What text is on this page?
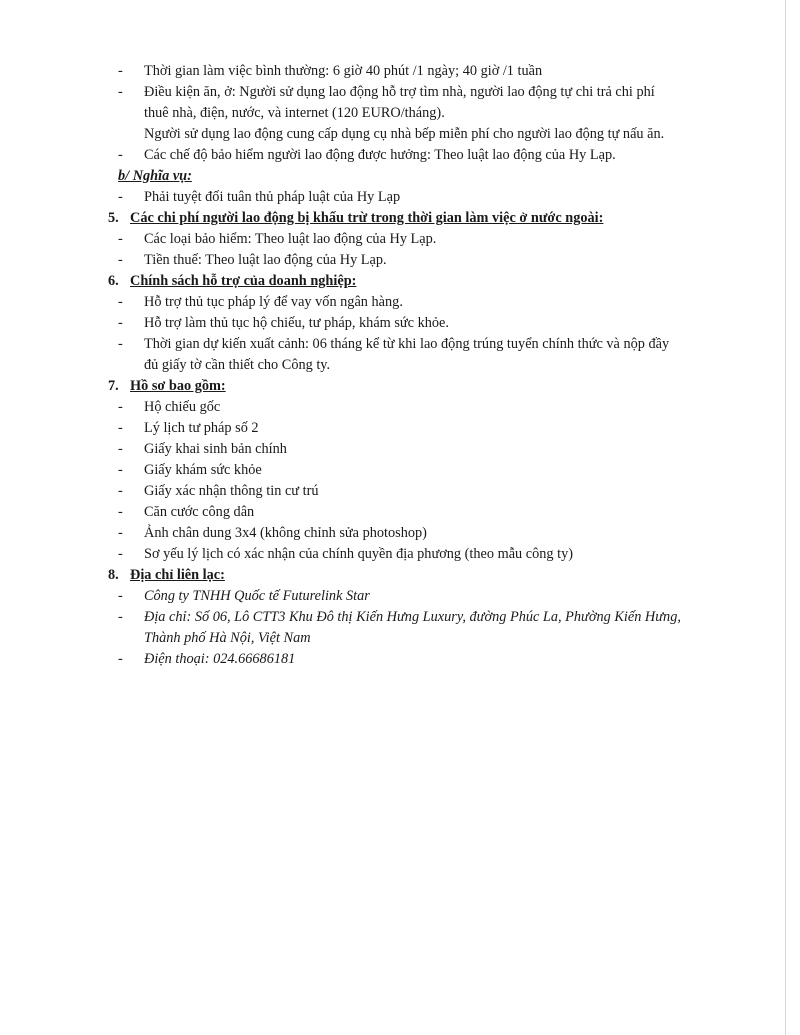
- Thời gian làm việc bình thường: 6 giờ 40 phút /1 ngày; 40 giờ /1 tuần
- Điều kiện ăn, ở: Người sử dụng lao động hỗ trợ tìm nhà, người lao động tự chi trả chi phí
thuê nhà, điện, nước, và internet (120 EURO/tháng).
Người sử dụng lao động cung cấp dụng cụ nhà bếp miễn phí cho người lao động tự nấu ăn.
- Các chế độ bảo hiểm người lao động được hưởng: Theo luật lao động của Hy Lạp.
b/ Nghĩa vụ:
- Phải tuyệt đối tuân thủ pháp luật của Hy Lạp
5. Các chi phí người lao động bị khấu trừ trong thời gian làm việc ở nước ngoài:
- Các loại bảo hiểm: Theo luật lao động của Hy Lạp.
- Tiền thuế: Theo luật lao động của Hy Lạp.
6. Chính sách hỗ trợ của doanh nghiệp:
- Hỗ trợ thủ tục pháp lý để vay vốn ngân hàng.
- Hỗ trợ làm thủ tục hộ chiếu, tư pháp, khám sức khỏe.
- Thời gian dự kiến xuất cảnh: 06 tháng kể từ khi lao động trúng tuyển chính thức và nộp đầy
đủ giấy tờ cần thiết cho Công ty.
7. Hồ sơ bao gồm:
- Hộ chiếu gốc
- Lý lịch tư pháp số 2
- Giấy khai sinh bản chính
- Giấy khám sức khỏe
- Giấy xác nhận thông tin cư trú
- Căn cước công dân
- Ảnh chân dung 3x4 (không chỉnh sửa photoshop)
- Sơ yếu lý lịch có xác nhận của chính quyền địa phương (theo mẫu công ty)
8. Địa chỉ liên lạc:
- Công ty TNHH Quốc tế Futurelink Star
- Địa chỉ: Số 06, Lô CTT3 Khu Đô thị Kiến Hưng Luxury, đường Phúc La, Phường Kiến Hưng,
Thành phố Hà Nội, Việt Nam
- Điện thoại: 024.66686181
